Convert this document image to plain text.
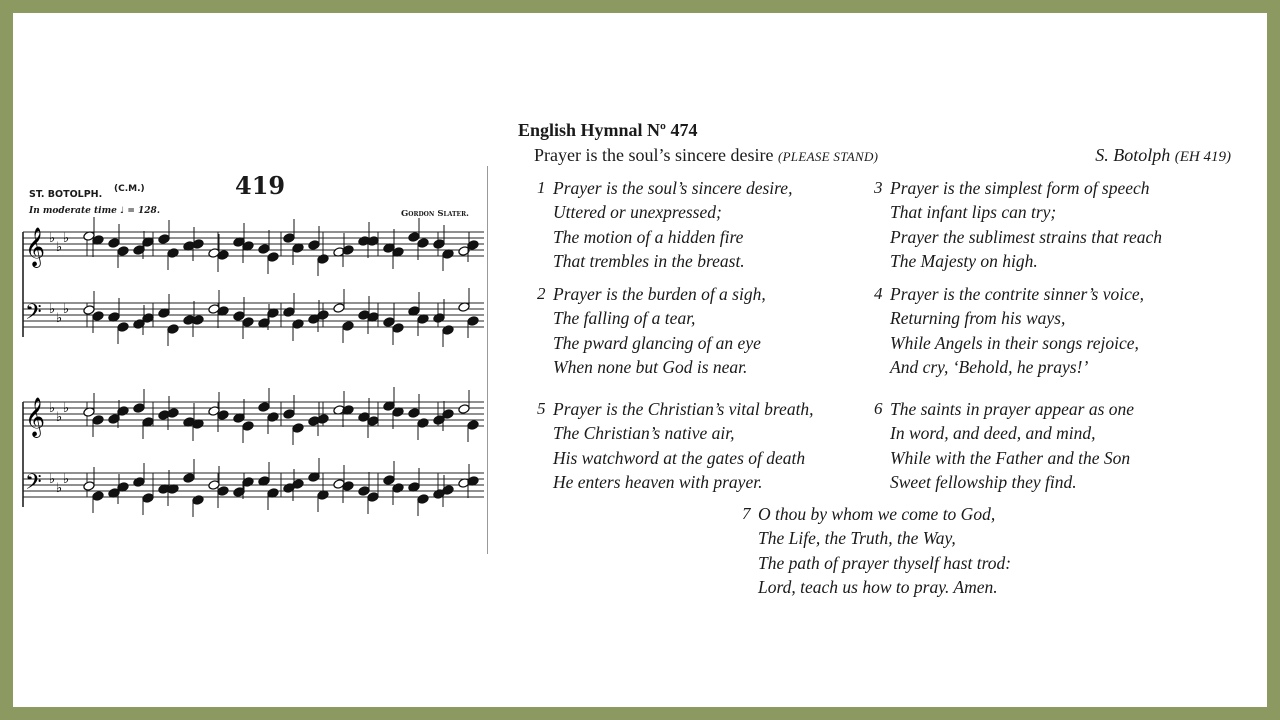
419
ST. BOTOLPH. (C.M.)
In moderate time ♩ = 128.	Gordon Slater.
𝄞 ♭
♭
♭
𝄢 ♭
♭
♭
𝄞 ♭
♭
♭
𝄢 ♭
♭
♭
English Hymnal Nº 474
Prayer is the soul’s sincere desire (PLEASE STAND)	S. Botolph (EH 419)
1 Prayer is the soul’s sincere desire,
Uttered or unexpressed;
The motion of a hidden fire
That trembles in the breast.
2 Prayer is the burden of a sigh,
The falling of a tear,
The pward glancing of an eye
When none but God is near.
3 Prayer is the simplest form of speech
That infant lips can try;
Prayer the sublimest strains that reach
The Majesty on high.
4 Prayer is the contrite sinner’s voice,
Returning from his ways,
While Angels in their songs rejoice,
And cry, ‘Behold, he prays!’
5 Prayer is the Christian’s vital breath,
The Christian’s native air,
His watchword at the gates of death
He enters heaven with prayer.
6 The saints in prayer appear as one
In word, and deed, and mind,
While with the Father and the Son
Sweet fellowship they find.
7 O thou by whom we come to God,
The Life, the Truth, the Way,
The path of prayer thyself hast trod:
Lord, teach us how to pray. Amen.
